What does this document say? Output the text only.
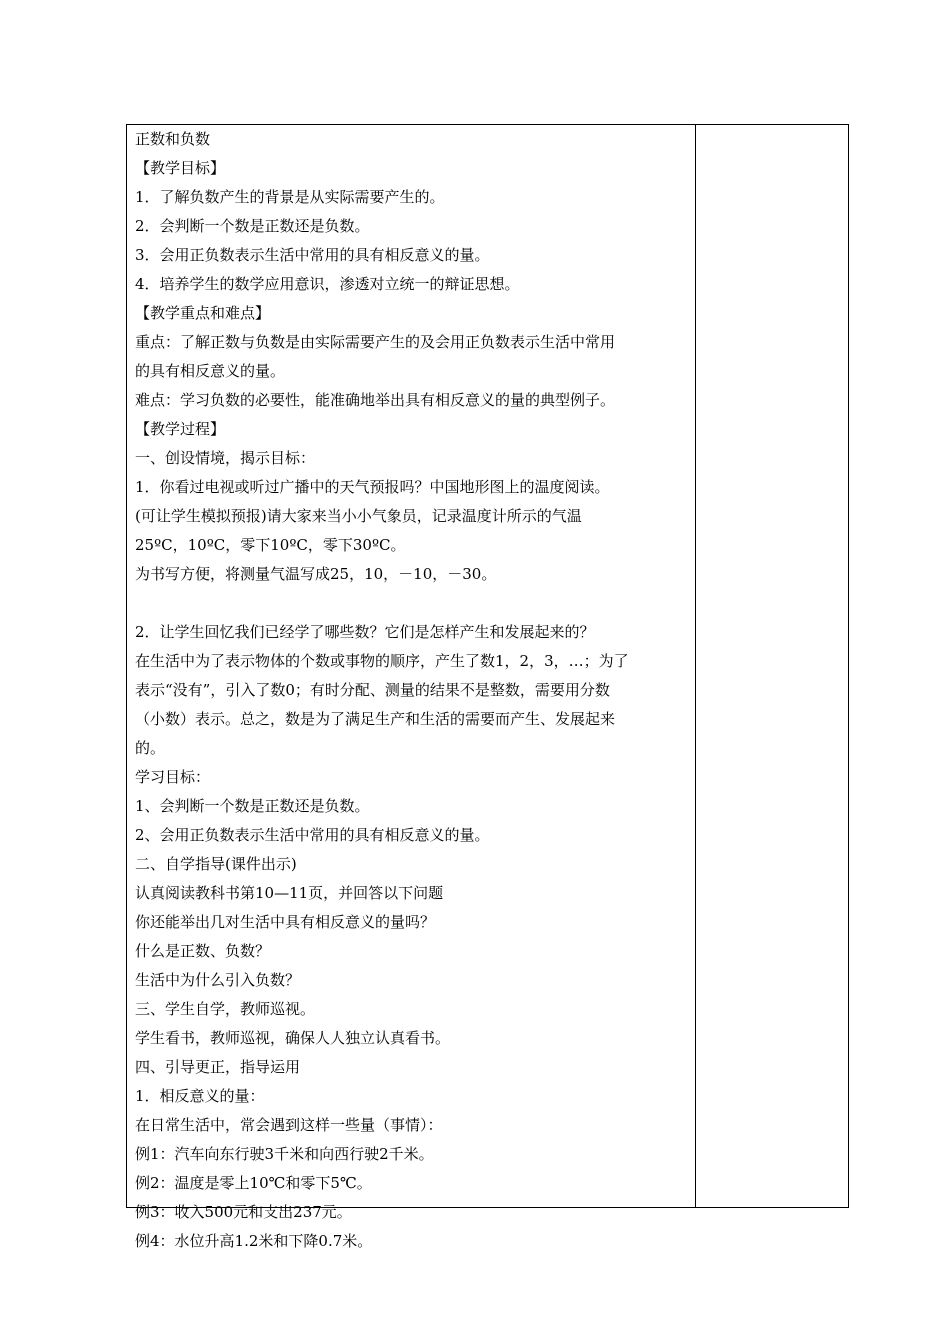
正数和负数
【教学目标】
1．了解负数产生的背景是从实际需要产生的。
2．会判断一个数是正数还是负数。
3．会用正负数表示生活中常用的具有相反意义的量。
4．培养学生的数学应用意识，渗透对立统一的辩证思想。
【教学重点和难点】
重点：了解正数与负数是由实际需要产生的及会用正负数表示生活中常用
的具有相反意义的量。
难点：学习负数的必要性，能准确地举出具有相反意义的量的典型例子。
【教学过程】
一、创设情境，揭示目标：
1．你看过电视或听过广播中的天气预报吗？中国地形图上的温度阅读。
(可让学生模拟预报)请大家来当小小气象员，记录温度计所示的气温
25ºC，10ºC，零下10ºC，零下30ºC。
为书写方便，将测量气温写成25，10，－10，－30。
2．让学生回忆我们已经学了哪些数？它们是怎样产生和发展起来的？
在生活中为了表示物体的个数或事物的顺序，产生了数1，2，3，…；为了
表示“没有”，引入了数0；有时分配、测量的结果不是整数，需要用分数
（小数）表示。总之，数是为了满足生产和生活的需要而产生、发展起来
的。
学习目标：
1、会判断一个数是正数还是负数。
2、会用正负数表示生活中常用的具有相反意义的量。
二、自学指导(课件出示)
认真阅读教科书第10—11页，并回答以下问题
你还能举出几对生活中具有相反意义的量吗？
什么是正数、负数？
生活中为什么引入负数？
三、学生自学，教师巡视。
学生看书，教师巡视，确保人人独立认真看书。
四、引导更正，指导运用
1．相反意义的量：
在日常生活中，常会遇到这样一些量（事情）：
例1：汽车向东行驶3千米和向西行驶2千米。
例2：温度是零上10℃和零下5℃。
例3：收入500元和支出237元。
例4：水位升高1.2米和下降0.7米。
